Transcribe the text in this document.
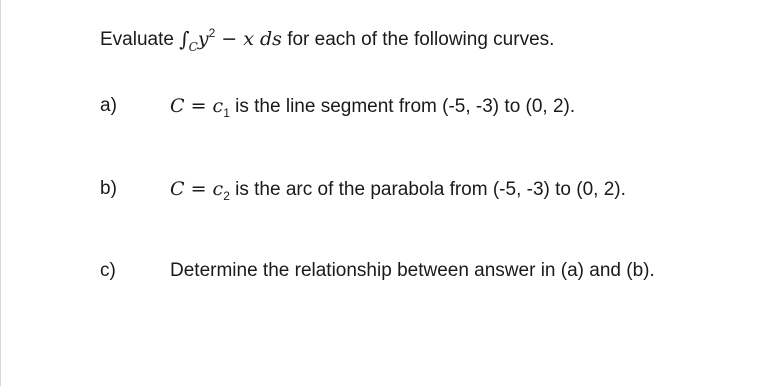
Evaluate $\int_Cy^2 - x$ ds for each of the following curves.
a)	$C = c_1$ is the line segment from (-5, -3) to (0, 2).
b)	$C = c_2$ is the arc of the parabola from (-5, -3) to (0, 2).
c)	Determine the relationship between answer in (a) and (b).
